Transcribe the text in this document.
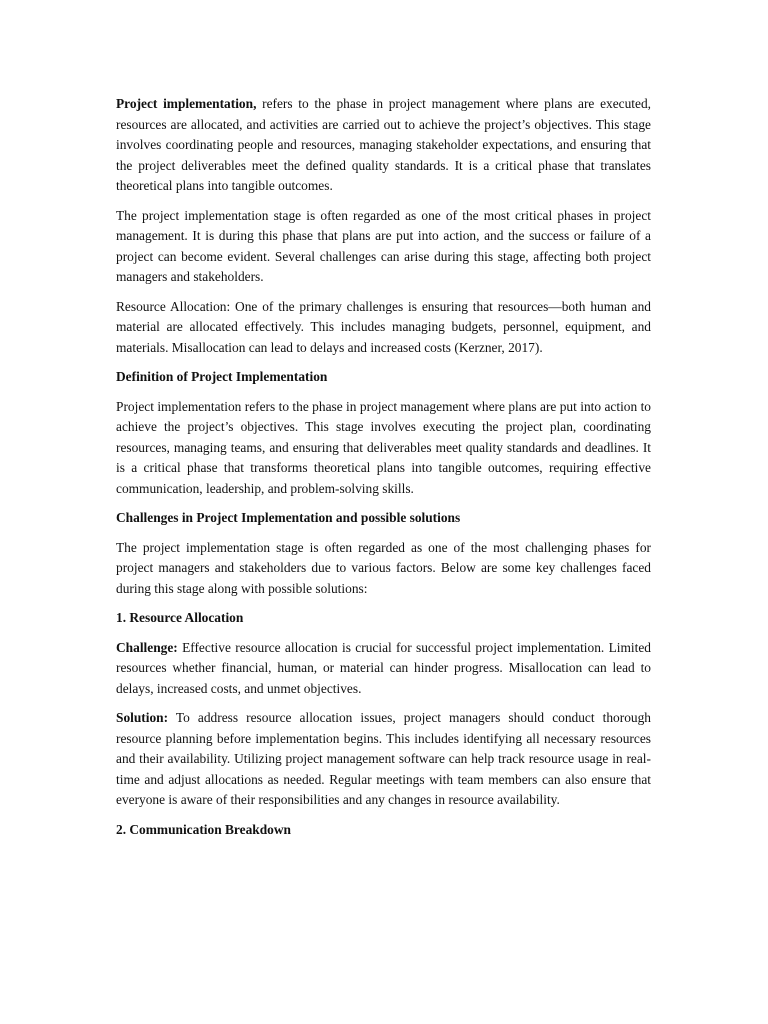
Project implementation, refers to the phase in project management where plans are executed, resources are allocated, and activities are carried out to achieve the project’s objectives. This stage involves coordinating people and resources, managing stakeholder expectations, and ensuring that the project deliverables meet the defined quality standards. It is a critical phase that translates theoretical plans into tangible outcomes.

The project implementation stage is often regarded as one of the most critical phases in project management. It is during this phase that plans are put into action, and the success or failure of a project can become evident. Several challenges can arise during this stage, affecting both project managers and stakeholders.

Resource Allocation: One of the primary challenges is ensuring that resources—both human and material are allocated effectively. This includes managing budgets, personnel, equipment, and materials. Misallocation can lead to delays and increased costs (Kerzner, 2017).

Definition of Project Implementation

Project implementation refers to the phase in project management where plans are put into action to achieve the project’s objectives. This stage involves executing the project plan, coordinating resources, managing teams, and ensuring that deliverables meet quality standards and deadlines. It is a critical phase that transforms theoretical plans into tangible outcomes, requiring effective communication, leadership, and problem-solving skills.

Challenges in Project Implementation and possible solutions

The project implementation stage is often regarded as one of the most challenging phases for project managers and stakeholders due to various factors. Below are some key challenges faced during this stage along with possible solutions:

1. Resource Allocation

Challenge: Effective resource allocation is crucial for successful project implementation. Limited resources whether financial, human, or material can hinder progress. Misallocation can lead to delays, increased costs, and unmet objectives.

Solution: To address resource allocation issues, project managers should conduct thorough resource planning before implementation begins. This includes identifying all necessary resources and their availability. Utilizing project management software can help track resource usage in real-time and adjust allocations as needed. Regular meetings with team members can also ensure that everyone is aware of their responsibilities and any changes in resource availability.

2. Communication Breakdown
